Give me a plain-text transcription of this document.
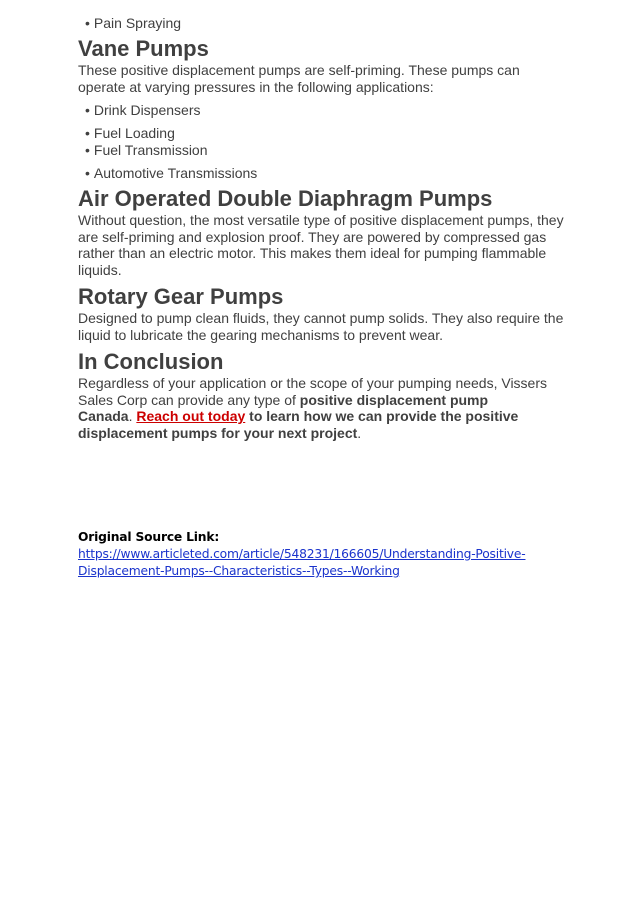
• Pain Spraying
Vane Pumps

These positive displacement pumps are self-priming. These pumps can
operate at varying pressures in the following applications:

• Drink Dispensers
• Fuel Loading
• Fuel Transmission
• Automotive Transmissions
Air Operated Double Diaphragm Pumps

Without question, the most versatile type of positive displacement pumps, they
are self-priming and explosion proof. They are powered by compressed gas
rather than an electric motor. This makes them ideal for pumping flammable
liquids.

Rotary Gear Pumps

Designed to pump clean fluids, they cannot pump solids. They also require the
liquid to lubricate the gearing mechanisms to prevent wear.

In Conclusion

Regardless of your application or the scope of your pumping needs, Vissers
Sales Corp can provide any type of positive displacement pump
Canada. Reach out today to learn how we can provide the positive
displacement pumps for your next project.

Original Source Link:
https://www.articleted.com/article/548231/166605/Understanding-Positive-
Displacement-Pumps--Characteristics--Types--Working
